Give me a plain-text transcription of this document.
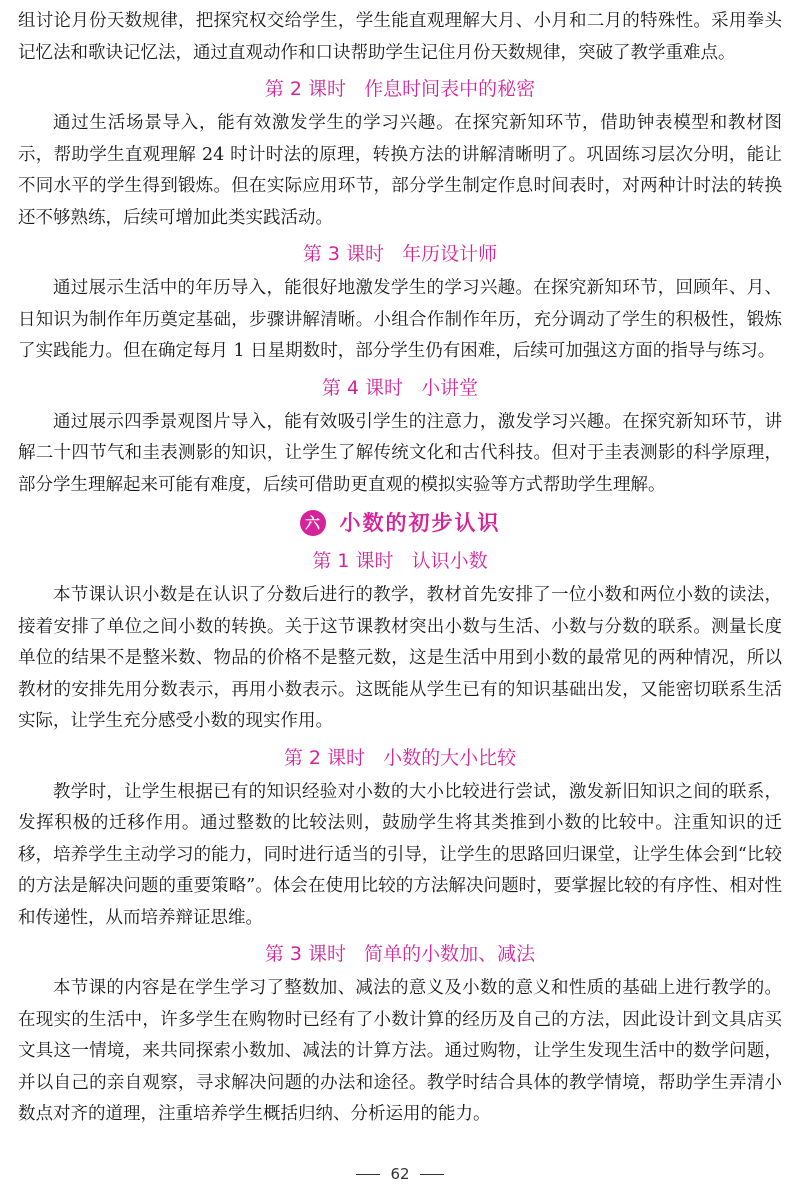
组讨论月份天数规律，把探究权交给学生，学生能直观理解大月、小月和二月的特殊性。采用拳头记忆法和歌诀记忆法，通过直观动作和口诀帮助学生记住月份天数规律，突破了教学重难点。

第 2 课时 作息时间表中的秘密

通过生活场景导入，能有效激发学生的学习兴趣。在探究新知环节，借助钟表模型和教材图示，帮助学生直观理解 24 时计时法的原理，转换方法的讲解清晰明了。巩固练习层次分明，能让不同水平的学生得到锻炼。但在实际应用环节，部分学生制定作息时间表时，对两种计时法的转换还不够熟练，后续可增加此类实践活动。

第 3 课时 年历设计师

通过展示生活中的年历导入，能很好地激发学生的学习兴趣。在探究新知环节，回顾年、月、日知识为制作年历奠定基础，步骤讲解清晰。小组合作制作年历，充分调动了学生的积极性，锻炼了实践能力。但在确定每月 1 日星期数时，部分学生仍有困难，后续可加强这方面的指导与练习。

第 4 课时 小讲堂

通过展示四季景观图片导入，能有效吸引学生的注意力，激发学习兴趣。在探究新知环节，讲解二十四节气和圭表测影的知识，让学生了解传统文化和古代科技。但对于圭表测影的科学原理，部分学生理解起来可能有难度，后续可借助更直观的模拟实验等方式帮助学生理解。

六 小数的初步认识
第 1 课时 认识小数

本节课认识小数是在认识了分数后进行的教学，教材首先安排了一位小数和两位小数的读法，接着安排了单位之间小数的转换。关于这节课教材突出小数与生活、小数与分数的联系。测量长度单位的结果不是整米数、物品的价格不是整元数，这是生活中用到小数的最常见的两种情况，所以教材的安排先用分数表示，再用小数表示。这既能从学生已有的知识基础出发，又能密切联系生活实际，让学生充分感受小数的现实作用。

第 2 课时 小数的大小比较

教学时，让学生根据已有的知识经验对小数的大小比较进行尝试，激发新旧知识之间的联系，发挥积极的迁移作用。通过整数的比较法则，鼓励学生将其类推到小数的比较中。注重知识的迁移，培养学生主动学习的能力，同时进行适当的引导，让学生的思路回归课堂，让学生体会到“比较的方法是解决问题的重要策略”。体会在使用比较的方法解决问题时，要掌握比较的有序性、相对性和传递性，从而培养辩证思维。

第 3 课时 简单的小数加、减法

本节课的内容是在学生学习了整数加、减法的意义及小数的意义和性质的基础上进行教学的。在现实的生活中，许多学生在购物时已经有了小数计算的经历及自己的方法，因此设计到文具店买文具这一情境，来共同探索小数加、减法的计算方法。通过购物，让学生发现生活中的数学问题，并以自己的亲自观察，寻求解决问题的办法和途径。教学时结合具体的教学情境，帮助学生弄清小数点对齐的道理，注重培养学生概括归纳、分析运用的能力。

62
